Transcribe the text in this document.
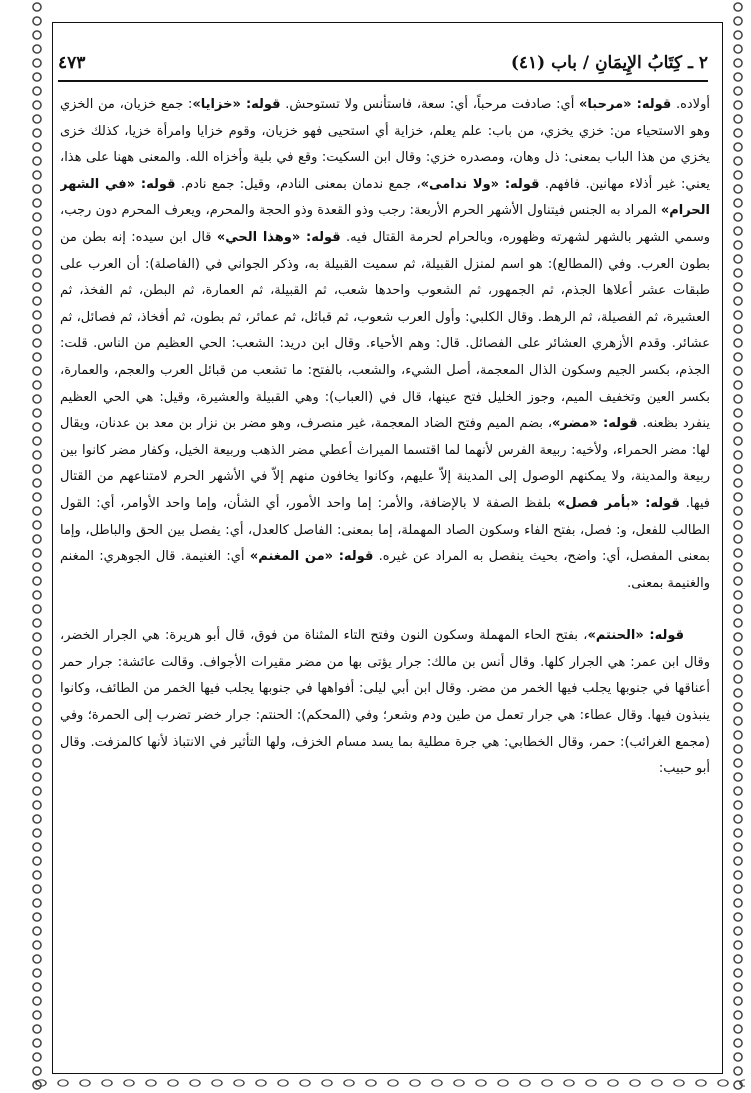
٢ ـ كِتَابُ الإِيمَانِ / باب (٤١)
٤٧٣

أولاده. قوله: «مرحبا» أي: صادفت مرحباً، أي: سعة، فاستأنس ولا تستوحش. قوله: «خزايا»: جمع خزيان، من الخزي وهو الاستحياء من: خزي يخزي، من باب: علم يعلم، خزاية أي استحيى فهو خزيان، وقوم خزايا وامرأة خزيا، كذلك خزى يخزي من هذا الباب بمعنى: ذل وهان، ومصدره خزي: وقال ابن السكيت: وقع في بلية وأخزاه الله. والمعنى ههنا على هذا، يعني: غير أذلاء مهانين. فافهم. قوله: «ولا ندامى»، جمع ندمان بمعنى النادم، وقيل: جمع نادم. قوله: «في الشهر الحرام» المراد به الجنس فيتناول الأشهر الحرم الأربعة: رجب وذو القعدة وذو الحجة والمحرم، ويعرف المحرم دون رجب، وسمي الشهر بالشهر لشهرته وظهوره، وبالحرام لحرمة القتال فيه. قوله: «وهذا الحي» قال ابن سيده: إنه بطن من بطون العرب. وفي (المطالع): هو اسم لمنزل القبيلة، ثم سميت القبيلة به، وذكر الجواني في (الفاصلة): أن العرب على طبقات عشر أعلاها الجذم، ثم الجمهور، ثم الشعوب واحدها شعب، ثم القبيلة، ثم العمارة، ثم البطن، ثم الفخذ، ثم العشيرة، ثم الفصيلة، ثم الرهط. وقال الكلبي: وأول العرب شعوب، ثم قبائل، ثم عمائر، ثم بطون، ثم أفخاذ، ثم فصائل، ثم عشائر. وقدم الأزهري العشائر على الفصائل. قال: وهم الأحياء. وقال ابن دريد: الشعب: الحي العظيم من الناس. قلت: الجذم، بكسر الجيم وسكون الذال المعجمة، أصل الشيء، والشعب، بالفتح: ما تشعب من قبائل العرب والعجم، والعمارة، بكسر العين وتخفيف الميم، وجوز الخليل فتح عينها، قال في (العباب): وهي القبيلة والعشيرة، وقيل: هي الحي العظيم ينفرد بظعنه. قوله: «مضر»، بضم الميم وفتح الضاد المعجمة، غير منصرف، وهو مضر بن نزار بن معد بن عدنان، ويقال لها: مضر الحمراء، ولأخيه: ربيعة الفرس لأنهما لما اقتسما الميراث أعطي مضر الذهب وربيعة الخيل، وكفار مضر كانوا بين ربيعة والمدينة، ولا يمكنهم الوصول إلى المدينة إلاّ عليهم، وكانوا يخافون منهم إلاّ في الأشهر الحرم لامتناعهم من القتال فيها. قوله: «بأمر فصل» بلفظ الصفة لا بالإضافة، والأمر: إما واحد الأمور، أي الشأن، وإما واحد الأوامر، أي: القول الطالب للفعل، و: فصل، بفتح الفاء وسكون الصاد المهملة، إما بمعنى: الفاصل كالعدل، أي: يفصل بين الحق والباطل، وإما بمعنى المفصل، أي: واضح، بحيث ينفصل به المراد عن غيره. قوله: «من المغنم» أي: الغنيمة. قال الجوهري: المغنم والغنيمة بمعنى.

قوله: «الحنتم»، بفتح الحاء المهملة وسكون النون وفتح التاء المثناة من فوق، قال أبو هريرة: هي الجرار الخضر، وقال ابن عمر: هي الجرار كلها. وقال أنس بن مالك: جرار يؤتى بها من مضر مقيرات الأجواف. وقالت عائشة: جرار حمر أعناقها في جنوبها يجلب فيها الخمر من مضر. وقال ابن أبي ليلى: أفواهها في جنوبها يجلب فيها الخمر من الطائف، وكانوا ينبذون فيها. وقال عطاء: هي جرار تعمل من طين ودم وشعر؛ وفي (المحكم): الحنتم: جرار خضر تضرب إلى الحمرة؛ وفي (مجمع الغرائب): حمر، وقال الخطابي: هي جرة مطلية بما يسد مسام الخزف، ولها التأثير في الانتباذ لأنها كالمزفت. وقال أبو حبيب:
